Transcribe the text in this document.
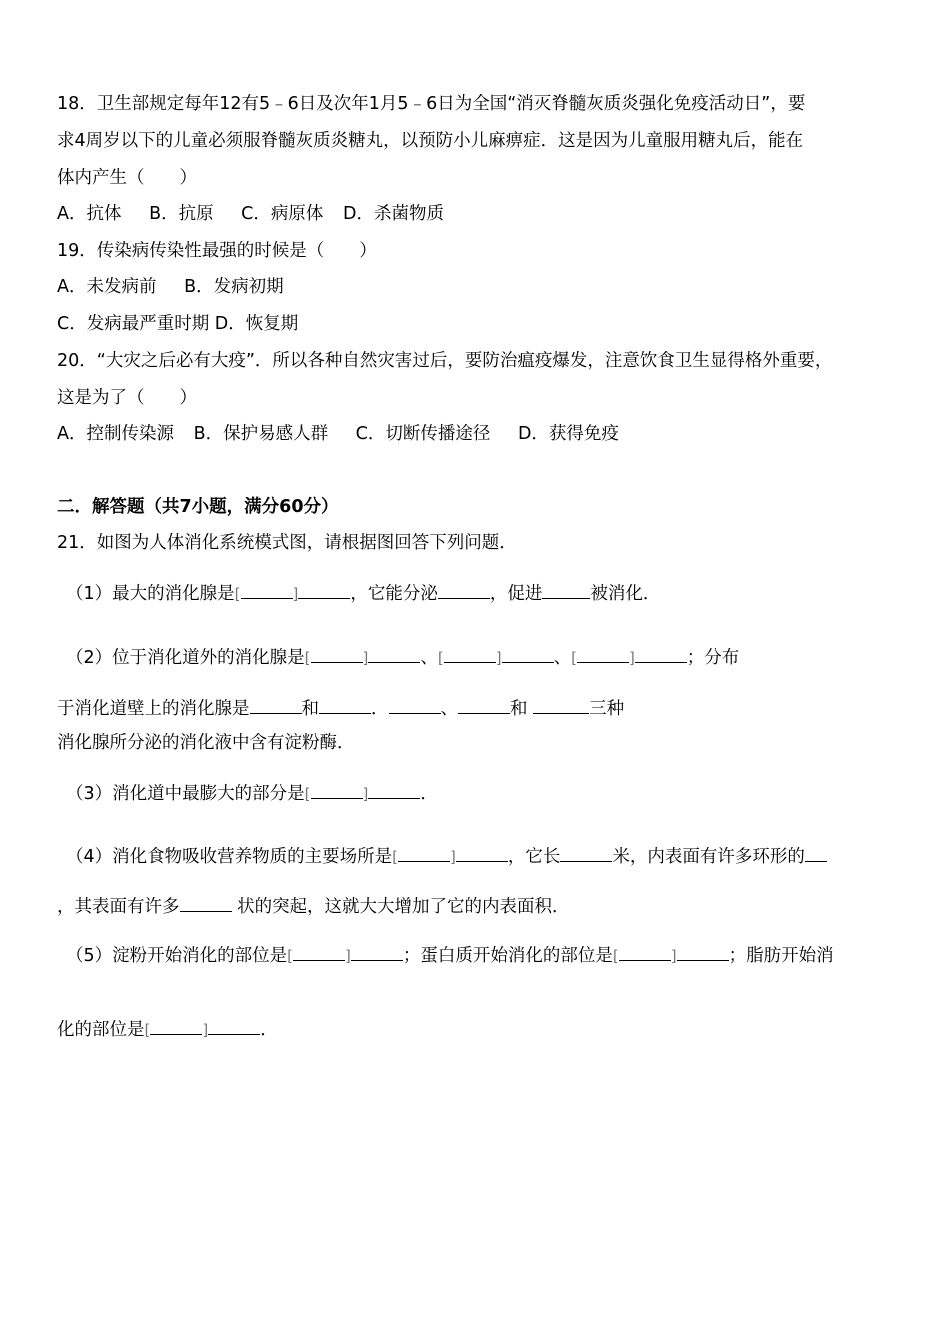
18．卫生部规定每年12有5﹣6日及次年1月5﹣6日为全国“消灭脊髓灰质炎强化免疫活动日”，要
求4周岁以下的儿童必须服脊髓灰质炎糖丸，以预防小儿麻痹症．这是因为儿童服用糖丸后，能在
体内产生（　　）
A．抗体 B．抗原 C．病原体 D．杀菌物质
19．传染病传染性最强的时候是（　　）
A．未发病前 B．发病初期
C．发病最严重时期 D．恢复期
20．“大灾之后必有大疫”．所以各种自然灾害过后，要防治瘟疫爆发，注意饮食卫生显得格外重要，
这是为了（　　）
A．控制传染源 B．保护易感人群 C．切断传播途径 D．获得免疫
二．解答题（共7小题，满分60分）
21．如图为人体消化系统模式图，请根据图回答下列问题．
（1）最大的消化腺是[	]	，它能分泌	，促进	被消化．
（2）位于消化道外的消化腺是[	]	、[	]	、[	]	；分布
于消化道壁上的消化腺是	和	．	、	和	三种
消化腺所分泌的消化液中含有淀粉酶．
（3）消化道中最膨大的部分是[	]	．
（4）消化食物吸收营养物质的主要场所是[	]	，它长	米，内表面有许多环形的
，其表面有许多	状的突起，这就大大增加了它的内表面积．
（5）淀粉开始消化的部位是[	]	；蛋白质开始消化的部位是[	]	；脂肪开始消
化的部位是[	]	．
